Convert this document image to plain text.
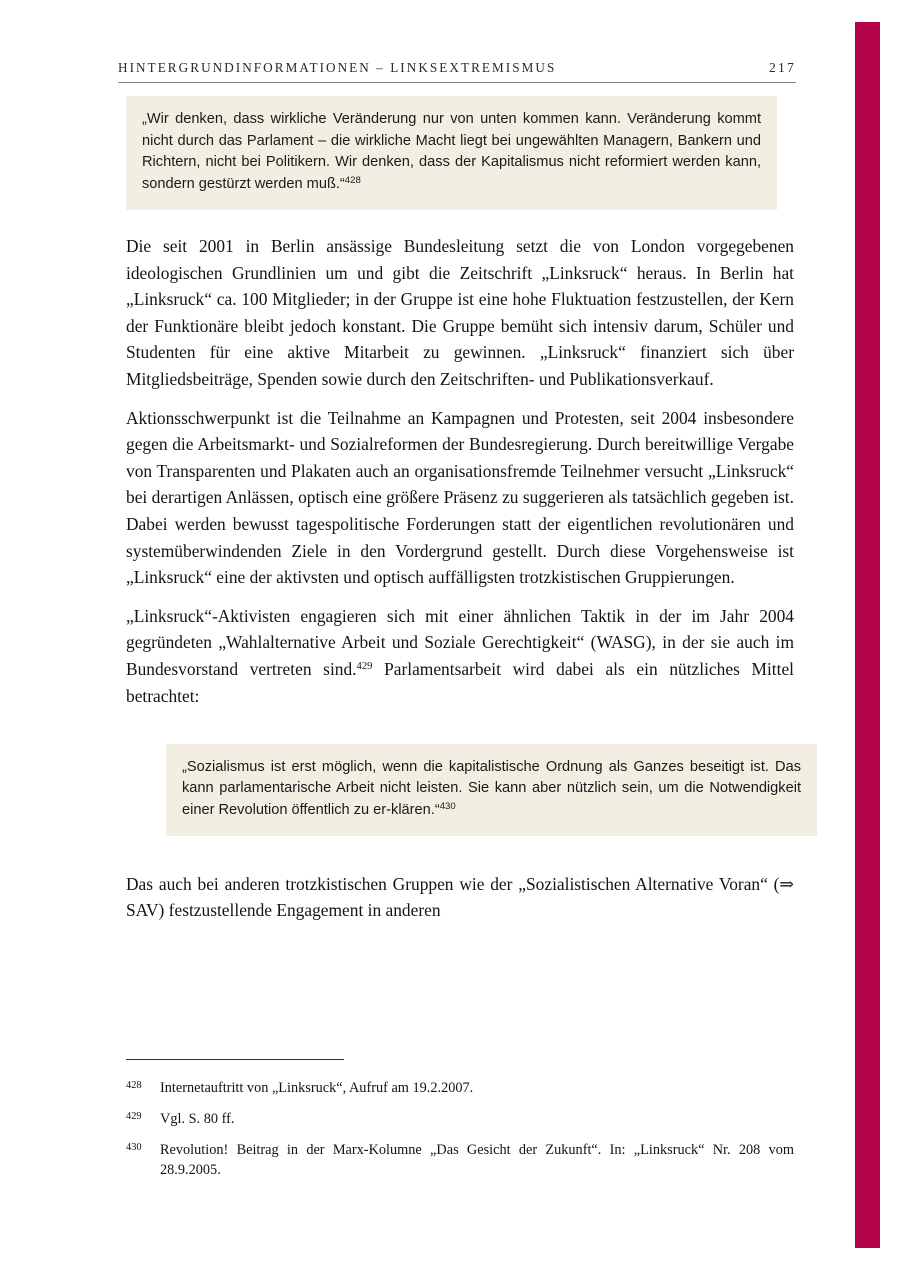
HINTERGRUNDINFORMATIONEN – LINKSEXTREMISMUS	217
„Wir denken, dass wirkliche Veränderung nur von unten kommen kann. Veränderung kommt nicht durch das Parlament – die wirkliche Macht liegt bei ungewählten Managern, Bankern und Richtern, nicht bei Politikern. Wir denken, dass der Kapitalismus nicht reformiert werden kann, sondern gestürzt werden muß.“$^{428}$

Die seit 2001 in Berlin ansässige Bundesleitung setzt die von London vorgegebenen ideologischen Grundlinien um und gibt die Zeitschrift „Linksruck“ heraus. In Berlin hat „Linksruck“ ca. 100 Mitglieder; in der Gruppe ist eine hohe Fluktuation festzustellen, der Kern der Funktionäre bleibt jedoch konstant. Die Gruppe bemüht sich intensiv darum, Schüler und Studenten für eine aktive Mitarbeit zu gewinnen. „Linksruck“ finanziert sich über Mitgliedsbeiträge, Spenden sowie durch den Zeitschriften- und Publikationsverkauf.

Aktionsschwerpunkt ist die Teilnahme an Kampagnen und Protesten, seit 2004 insbesondere gegen die Arbeitsmarkt- und Sozialreformen der Bundesregierung. Durch bereitwillige Vergabe von Transparenten und Plakaten auch an organisationsfremde Teilnehmer versucht „Linksruck“ bei derartigen Anlässen, optisch eine größere Präsenz zu suggerieren als tatsächlich gegeben ist. Dabei werden bewusst tagespolitische Forderungen statt der eigentlichen revolutionären und systemüberwindenden Ziele in den Vordergrund gestellt. Durch diese Vorgehensweise ist „Linksruck“ eine der aktivsten und optisch auffälligsten trotzkistischen Gruppierungen.

„Linksruck“-Aktivisten engagieren sich mit einer ähnlichen Taktik in der im Jahr 2004 gegründeten „Wahlalternative Arbeit und Soziale Gerechtigkeit“ (WASG), in der sie auch im Bundesvorstand vertreten sind.$^{429}$ Parlamentsarbeit wird dabei als ein nützliches Mittel betrachtet:

„Sozialismus ist erst möglich, wenn die kapitalistische Ordnung als Ganzes beseitigt ist. Das kann parlamentarische Arbeit nicht leisten. Sie kann aber nützlich sein, um die Notwendigkeit einer Revolution öffentlich zu er-klären.“$^{430}$

Das auch bei anderen trotzkistischen Gruppen wie der „Sozialistischen Alternative Voran“ (⇒ SAV) festzustellende Engagement in anderen

428	Internetauftritt von „Linksruck“, Aufruf am 19.2.2007.
429	Vgl. S. 80 ff.
430	Revolution! Beitrag in der Marx-Kolumne „Das Gesicht der Zukunft“. In: „Linksruck“ Nr. 208 vom 28.9.2005.
